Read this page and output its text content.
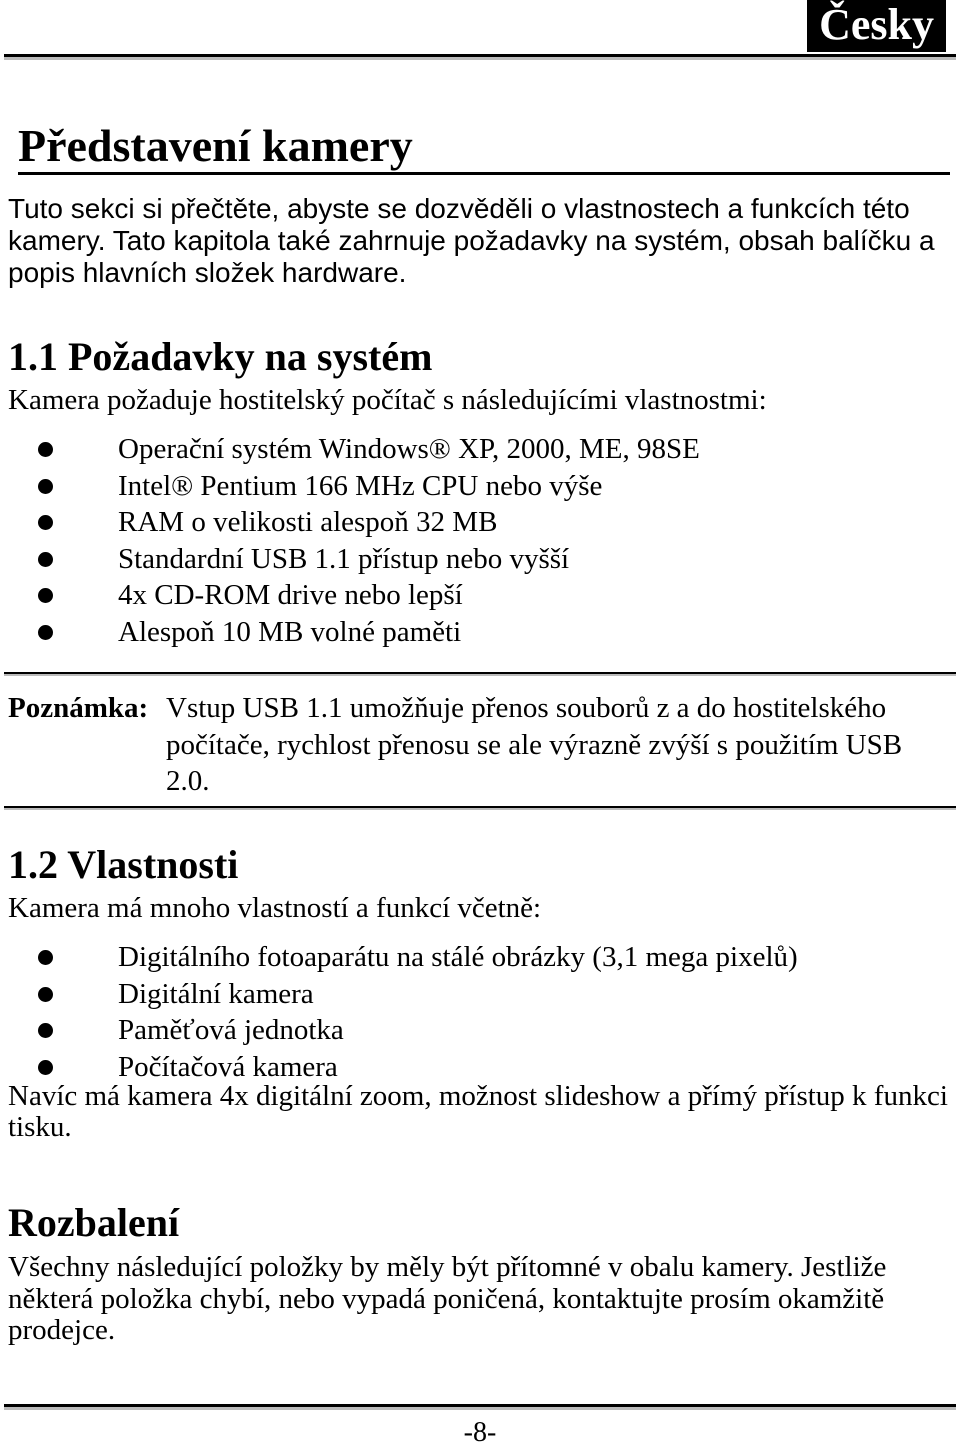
Česky
Představení kamery
Tuto sekci si přečtěte, abyste se dozvěděli o vlastnostech a funkcích této kamery. Tato kapitola také zahrnuje požadavky na systém, obsah balíčku a popis hlavních složek hardware.
1.1 Požadavky na systém
Kamera požaduje hostitelský počítač s následujícími vlastnostmi:
Operační systém Windows® XP, 2000, ME, 98SE
Intel® Pentium 166 MHz CPU nebo výše
RAM o velikosti alespoň 32 MB
Standardní USB 1.1 přístup nebo vyšší
4x CD-ROM drive nebo lepší
Alespoň 10 MB volné paměti
Poznámka: Vstup USB 1.1 umožňuje přenos souborů z a do hostitelského počítače, rychlost přenosu se ale výrazně zvýší s použitím USB 2.0.
1.2 Vlastnosti
Kamera má mnoho vlastností a funkcí včetně:
Digitálního fotoaparátu na stálé obrázky (3,1 mega pixelů)
Digitální kamera
Paměťová jednotka
Počítačová kamera
Navíc má kamera 4x digitální zoom, možnost slideshow a přímý přístup k funkci tisku.
Rozbalení
Všechny následující položky by měly být přítomné v obalu kamery. Jestliže některá položka chybí, nebo vypadá poničená, kontaktujte prosím okamžitě prodejce.
-8-
